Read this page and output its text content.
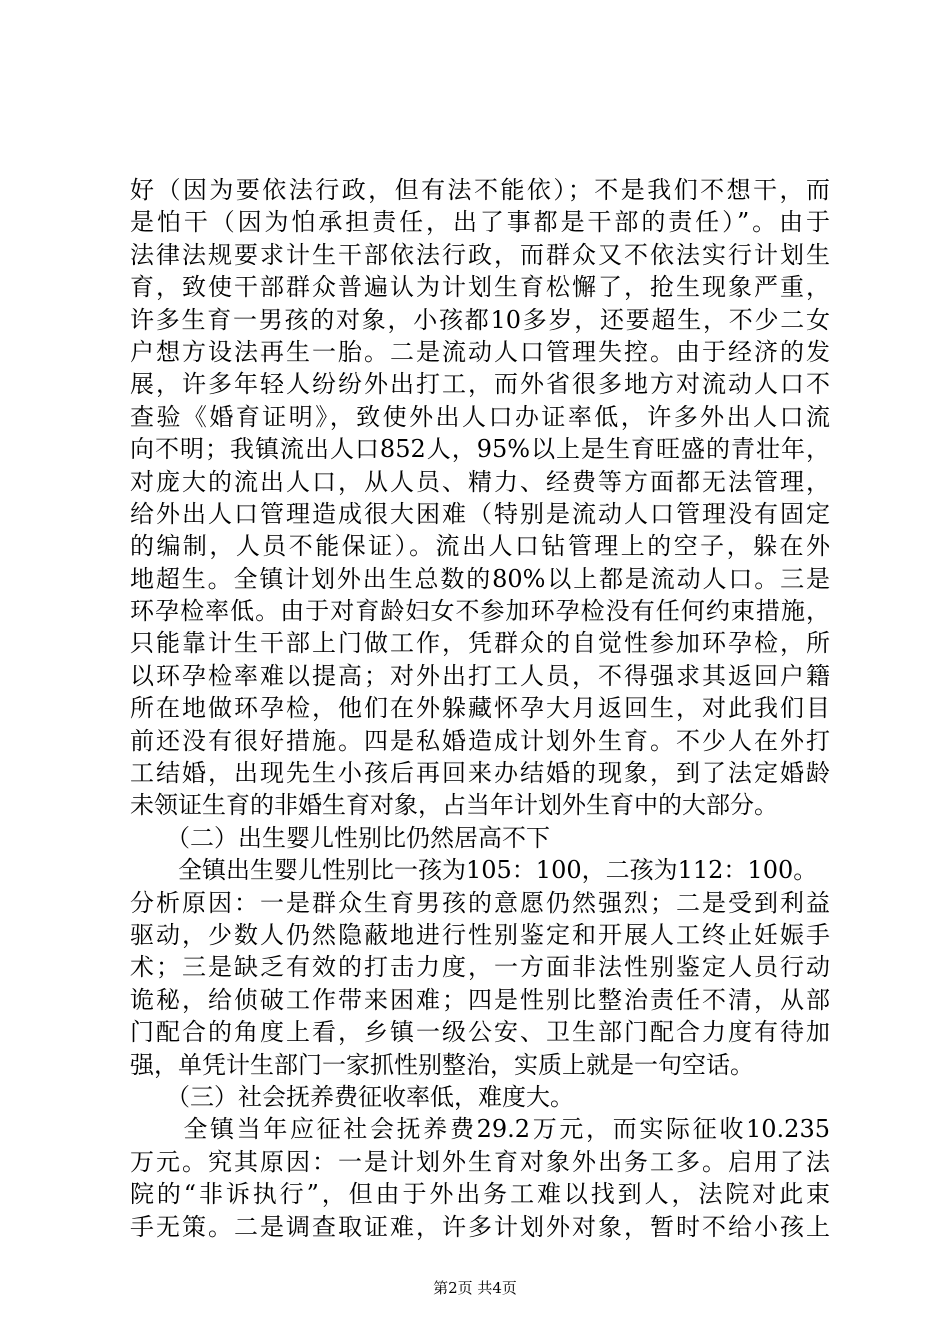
好（因为要依法行政，但有法不能依）；不是我们不想干，而
是怕干（因为怕承担责任，出了事都是干部的责任）”。由于
法律法规要求计生干部依法行政，而群众又不依法实行计划生
育，致使干部群众普遍认为计划生育松懈了，抢生现象严重，
许多生育一男孩的对象，小孩都10多岁，还要超生，不少二女
户想方设法再生一胎。二是流动人口管理失控。由于经济的发
展，许多年轻人纷纷外出打工，而外省很多地方对流动人口不
查验《婚育证明》，致使外出人口办证率低，许多外出人口流
向不明；我镇流出人口852人，95%以上是生育旺盛的青壮年，
对庞大的流出人口，从人员、精力、经费等方面都无法管理，
给外出人口管理造成很大困难（特别是流动人口管理没有固定
的编制，人员不能保证）。流出人口钻管理上的空子，躲在外
地超生。全镇计划外出生总数的80%以上都是流动人口。三是
环孕检率低。由于对育龄妇女不参加环孕检没有任何约束措施，
只能靠计生干部上门做工作，凭群众的自觉性参加环孕检，所
以环孕检率难以提高；对外出打工人员，不得强求其返回户籍
所在地做环孕检，他们在外躲藏怀孕大月返回生，对此我们目
前还没有很好措施。四是私婚造成计划外生育。不少人在外打
工结婚，出现先生小孩后再回来办结婚的现象，到了法定婚龄
未领证生育的非婚生育对象，占当年计划外生育中的大部分。
　　（二）出生婴儿性别比仍然居高不下
　　全镇出生婴儿性别比一孩为105：100，二孩为112：100。
分析原因：一是群众生育男孩的意愿仍然强烈；二是受到利益
驱动，少数人仍然隐蔽地进行性别鉴定和开展人工终止妊娠手
术；三是缺乏有效的打击力度，一方面非法性别鉴定人员行动
诡秘，给侦破工作带来困难；四是性别比整治责任不清，从部
门配合的角度上看，乡镇一级公安、卫生部门配合力度有待加
强，单凭计生部门一家抓性别整治，实质上就是一句空话。
　　（三）社会抚养费征收率低，难度大。
　　全镇当年应征社会抚养费29.2万元，而实际征收10.235
万元。究其原因：一是计划外生育对象外出务工多。启用了法
院的“非诉执行”，但由于外出务工难以找到人，法院对此束
手无策。二是调查取证难，许多计划外对象，暂时不给小孩上
第2页 共4页
